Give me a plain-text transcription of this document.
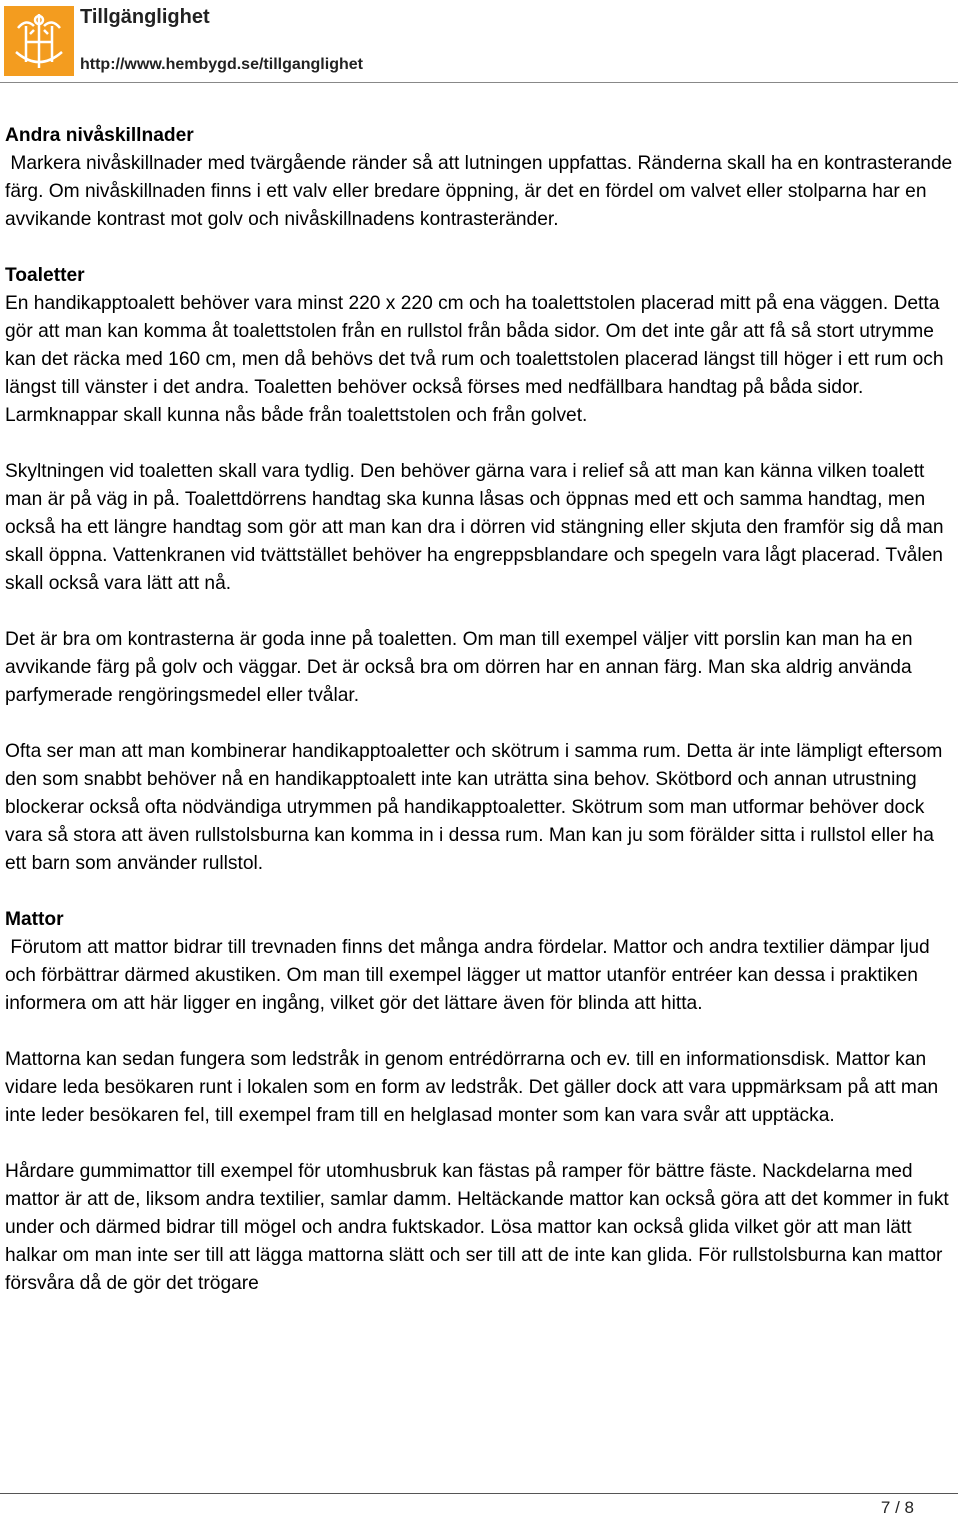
Tillgänglighet
http://www.hembygd.se/tillganglighet
Andra nivåskillnader

Markera nivåskillnader med tvärgående ränder så att lutningen uppfattas. Ränderna skall ha en kontrasterande färg. Om nivåskillnaden finns i ett valv eller bredare öppning, är det en fördel om valvet eller stolparna har en avvikande kontrast mot golv och nivåskillnadens kontrasteränder.

Toaletter

En handikapptoalett behöver vara minst 220 x 220 cm och ha toalettstolen placerad mitt på ena väggen. Detta gör att man kan komma åt toalettstolen från en rullstol från båda sidor. Om det inte går att få så stort utrymme kan det räcka med 160 cm, men då behövs det två rum och toalettstolen placerad längst till höger i ett rum och längst till vänster i det andra. Toaletten behöver också förses med nedfällbara handtag på båda sidor. Larmknappar skall kunna nås både från toalettstolen och från golvet.

Skyltningen vid toaletten skall vara tydlig. Den behöver gärna vara i relief så att man kan känna vilken toalett man är på väg in på. Toalettdörrens handtag ska kunna låsas och öppnas med ett och samma handtag, men också ha ett längre handtag som gör att man kan dra i dörren vid stängning eller skjuta den framför sig då man skall öppna. Vattenkranen vid tvättstället behöver ha engreppsblandare och spegeln vara lågt placerad. Tvålen skall också vara lätt att nå.

Det är bra om kontrasterna är goda inne på toaletten. Om man till exempel väljer vitt porslin kan man ha en avvikande färg på golv och väggar. Det är också bra om dörren har en annan färg. Man ska aldrig använda parfymerade rengöringsmedel eller tvålar.

Ofta ser man att man kombinerar handikapptoaletter och skötrum i samma rum. Detta är inte lämpligt eftersom den som snabbt behöver nå en handikapptoalett inte kan uträtta sina behov. Skötbord och annan utrustning blockerar också ofta nödvändiga utrymmen på handikapptoaletter. Skötrum som man utformar behöver dock vara så stora att även rullstolsburna kan komma in i dessa rum. Man kan ju som förälder sitta i rullstol eller ha ett barn som använder rullstol.

Mattor

Förutom att mattor bidrar till trevnaden finns det många andra fördelar. Mattor och andra textilier dämpar ljud och förbättrar därmed akustiken. Om man till exempel lägger ut mattor utanför entréer kan dessa i praktiken informera om att här ligger en ingång, vilket gör det lättare även för blinda att hitta.

Mattorna kan sedan fungera som ledstråk in genom entrédörrarna och ev. till en informationsdisk. Mattor kan vidare leda besökaren runt i lokalen som en form av ledstråk. Det gäller dock att vara uppmärksam på att man inte leder besökaren fel, till exempel fram till en helglasad monter som kan vara svår att upptäcka.

Hårdare gummimattor till exempel för utomhusbruk kan fästas på ramper för bättre fäste. Nackdelarna med mattor är att de, liksom andra textilier, samlar damm. Heltäckande mattor kan också göra att det kommer in fukt under och därmed bidrar till mögel och andra fuktskador. Lösa mattor kan också glida vilket gör att man lätt halkar om man inte ser till att lägga mattorna slätt och ser till att de inte kan glida. För rullstolsburna kan mattor försvåra då de gör det trögare

7 / 8
